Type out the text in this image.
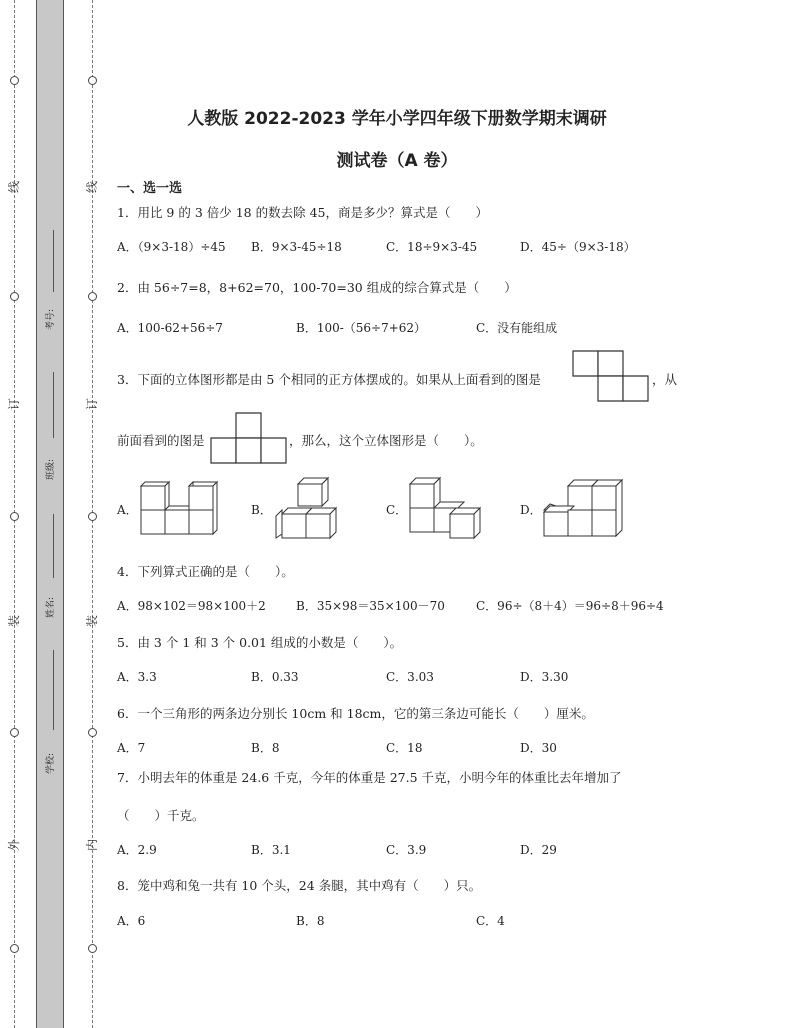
线
订
装
外
线
订
装
内
考号:
班级:
姓名:
学校:
人教版 2022-2023 学年小学四年级下册数学期末调研
测试卷（A 卷）
一、选一选
1．用比 9 的 3 倍少 18 的数去除 45，商是多少？算式是（　　）
A．（9×3-18）÷45 B．9×3-45÷18	C．18÷9×3-45	D．45÷（9×3-18）
2．由 56÷7=8，8+62=70，100-70=30 组成的综合算式是（　　）
A．100-62+56÷7	B．100-（56÷7+62）	C．没有能组成
3．下面的立体图形都是由 5 个相同的正方体摆成的。如果从上面看到的图是	，从
前面看到的图是	，那么，这个立体图形是（　　）。
A．	B．	C．	D．
4．下列算式正确的是（　　）。
A．98×102＝98×100＋2	B．35×98＝35×100－70	C．96÷（8＋4）＝96÷8＋96÷4
5．由 3 个 1 和 3 个 0.01 组成的小数是（　　）。
A．3.3	B．0.33	C．3.03	D．3.30
6．一个三角形的两条边分别长 10cm 和 18cm，它的第三条边可能长（　　）厘米。
A．7	B．8	C．18	D．30
7．小明去年的体重是 24.6 千克，今年的体重是 27.5 千克，小明今年的体重比去年增加了
（　　）千克。
A．2.9	B．3.1	C．3.9	D．29
8．笼中鸡和兔一共有 10 个头，24 条腿，其中鸡有（　　）只。
A．6	B．8	C．4
